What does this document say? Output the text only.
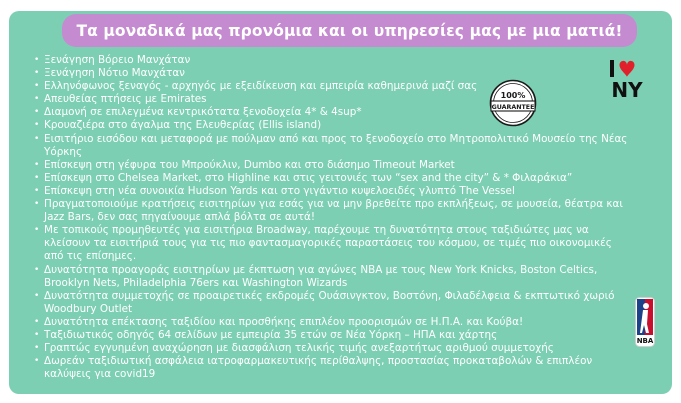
Τα μοναδικά μας προνόμια και οι υπηρεσίες μας με μια ματιά!
• Ξενάγηση Βόρειο Μανχάταν
• Ξενάγηση Νότιο Μανχάταν
• Ελληνόφωνος ξεναγός - αρχηγός με εξειδίκευση και εμπειρία καθημερινά μαζί σας
• Απευθείας πτήσεις με Emirates
• Διαμονή σε επιλεγμένα κεντρικότατα ξενοδοχεία 4* & 4sup*
• Κρουαζιέρα στο άγαλμα της Ελευθερίας (Ellis island)
• Εισιτήριο εισόδου και μεταφορά με πούλμαν από και προς το ξενοδοχείο στο Μητροπολιτικό Μουσείο της Νέας Υόρκης
• Επίσκεψη στη γέφυρα του Μπρούκλιν, Dumbo και στο διάσημο Timeout Market
• Επίσκεψη στο Chelsea Market, στο Highline και στις γειτονιές των “sex and the city” & * Φιλαράκια”
• Επίσκεψη στη νέα συνοικία Hudson Yards και στο γιγάντιο κυψελοειδές γλυπτό The Vessel
• Πραγματοποιούμε κρατήσεις εισιτηρίων για εσάς για να μην βρεθείτε προ εκπλήξεως, σε μουσεία, θέατρα και Jazz Bars, δεν σας πηγαίνουμε απλά βόλτα σε αυτά!
• Με τοπικούς προμηθευτές για εισιτήρια Broadway, παρέχουμε τη δυνατότητα στους ταξιδιώτες μας να κλείσουν τα εισιτήριά τους για τις πιο φαντασμαγορικές παραστάσεις του κόσμου, σε τιμές πιο οικονομικές από τις επίσημες.
• Δυνατότητα προαγοράς εισιτηρίων με έκπτωση για αγώνες NBA με τους New York Knicks, Boston Celtics, Brooklyn Nets, Philadelphia 76ers και Washington Wizards
• Δυνατότητα συμμετοχής σε προαιρετικές εκδρομές Ουάσινγκτον, Βοστόνη, Φιλαδέλφεια & εκπτωτικό χωριό Woodbury Outlet
• Δυνατότητα επέκτασης ταξιδίου και προσθήκης επιπλέον προορισμών σε Η.Π.Α. και Κούβα!
• Ταξιδιωτικός οδηγός 64 σελίδων με εμπειρία 35 ετών σε Νέα Υόρκη – ΗΠΑ και χάρτης
• Γραπτώς εγγυημένη αναχώρηση με διασφάλιση τελικής τιμής ανεξαρτήτως αριθμού συμμετοχής
• Δωρεάν ταξιδιωτική ασφάλεια ιατροφαρμακευτικής περίθαλψης, προστασίας προκαταβολών & επιπλέον καλύψεις για covid19
100%
GUARANTEE
NY
NBA
